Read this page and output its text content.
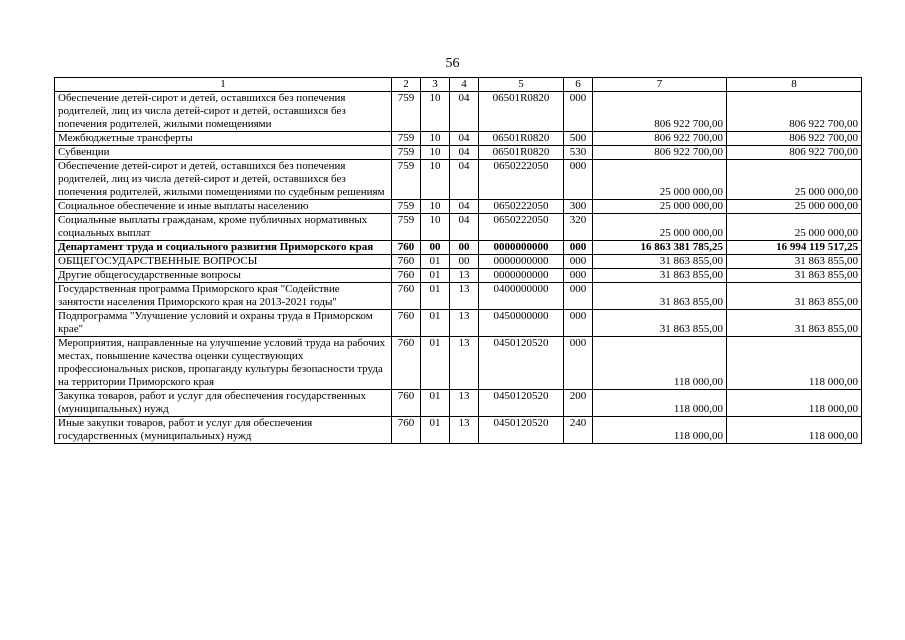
56
1	2	3	4	5	6	7	8
Обеспечение детей-сирот и детей, оставшихся без попечения родителей, лиц из числа детей-сирот и детей, оставшихся без попечения родителей, жилыми помещениями	759	10	04	06501R0820	000	806 922 700,00	806 922 700,00
Межбюджетные трансферты	759	10	04	06501R0820	500	806 922 700,00	806 922 700,00
Субвенции	759	10	04	06501R0820	530	806 922 700,00	806 922 700,00
Обеспечение детей-сирот и детей, оставшихся без попечения родителей, лиц из числа детей-сирот и детей, оставшихся без попечения родителей, жилыми помещениями по судебным решениям	759	10	04	0650222050	000	25 000 000,00	25 000 000,00
Социальное обеспечение и иные выплаты населению	759	10	04	0650222050	300	25 000 000,00	25 000 000,00
Социальные выплаты гражданам, кроме публичных нормативных социальных выплат	759	10	04	0650222050	320	25 000 000,00	25 000 000,00
Департамент труда и социального развития Приморского края	760	00	00	0000000000	000	16 863 381 785,25	16 994 119 517,25
ОБЩЕГОСУДАРСТВЕННЫЕ ВОПРОСЫ	760	01	00	0000000000	000	31 863 855,00	31 863 855,00
Другие общегосударственные вопросы	760	01	13	0000000000	000	31 863 855,00	31 863 855,00
Государственная программа Приморского края "Содействие занятости населения Приморского края на 2013-2021 годы"	760	01	13	0400000000	000	31 863 855,00	31 863 855,00
Подпрограмма "Улучшение условий и охраны труда в Приморском крае"	760	01	13	0450000000	000	31 863 855,00	31 863 855,00
Мероприятия, направленные на улучшение условий труда на рабочих местах, повышение качества оценки существующих профессиональных рисков, пропаганду культуры безопасности труда на территории Приморского края	760	01	13	0450120520	000	118 000,00	118 000,00
Закупка товаров, работ и услуг для обеспечения государственных (муниципальных) нужд	760	01	13	0450120520	200	118 000,00	118 000,00
Иные закупки товаров, работ и услуг для обеспечения государственных (муниципальных) нужд	760	01	13	0450120520	240	118 000,00	118 000,00
